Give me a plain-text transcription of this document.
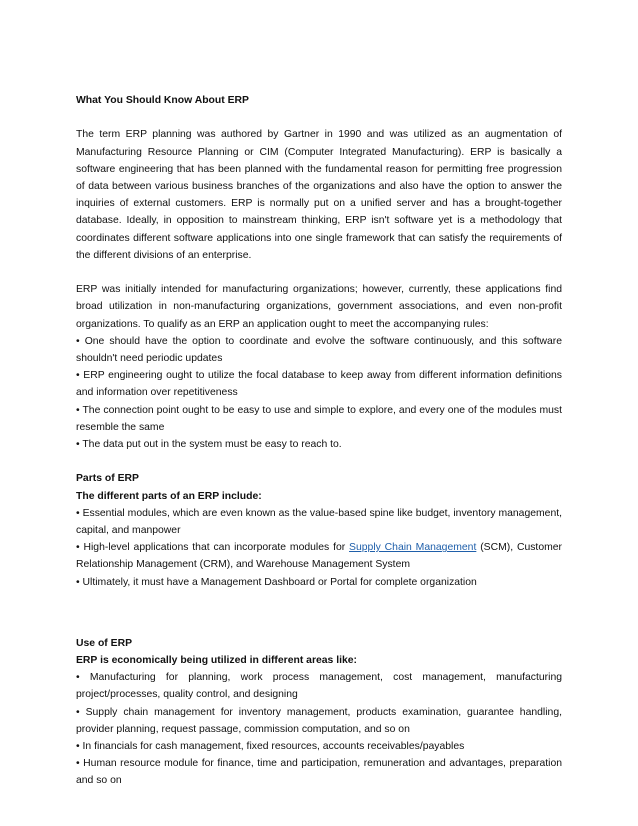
What You Should Know About ERP

The term ERP planning was authored by Gartner in 1990 and was utilized as an augmentation of Manufacturing Resource Planning or CIM (Computer Integrated Manufacturing). ERP is basically a software engineering that has been planned with the fundamental reason for permitting free progression of data between various business branches of the organizations and also have the option to answer the inquiries of external customers. ERP is normally put on a unified server and has a brought-together database. Ideally, in opposition to mainstream thinking, ERP isn't software yet is a methodology that coordinates different software applications into one single framework that can satisfy the requirements of the different divisions of an enterprise.

ERP was initially intended for manufacturing organizations; however, currently, these applications find broad utilization in non-manufacturing organizations, government associations, and even non-profit organizations. To qualify as an ERP an application ought to meet the accompanying rules:

• One should have the option to coordinate and evolve the software continuously, and this software shouldn't need periodic updates

• ERP engineering ought to utilize the focal database to keep away from different information definitions and information over repetitiveness

• The connection point ought to be easy to use and simple to explore, and every one of the modules must resemble the same

• The data put out in the system must be easy to reach to.

Parts of ERP

The different parts of an ERP include:

• Essential modules, which are even known as the value-based spine like budget, inventory management, capital, and manpower

• High-level applications that can incorporate modules for Supply Chain Management (SCM), Customer Relationship Management (CRM), and Warehouse Management System

• Ultimately, it must have a Management Dashboard or Portal for complete organization

Use of ERP

ERP is economically being utilized in different areas like:

• Manufacturing for planning, work process management, cost management, manufacturing project/processes, quality control, and designing

• Supply chain management for inventory management, products examination, guarantee handling, provider planning, request passage, commission computation, and so on

• In financials for cash management, fixed resources, accounts receivables/payables

• Human resource module for finance, time and participation, remuneration and advantages, preparation and so on
